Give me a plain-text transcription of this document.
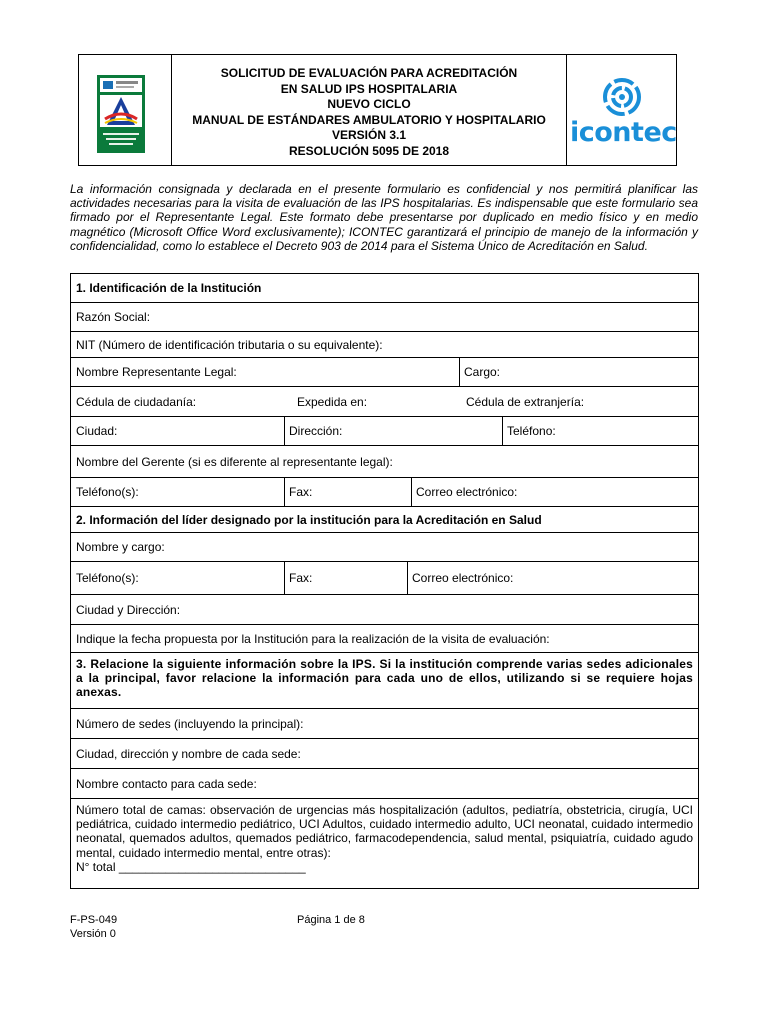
SOLICITUD DE EVALUACIÓN PARA ACREDITACIÓN
EN SALUD IPS HOSPITALARIA
NUEVO CICLO
MANUAL DE ESTÁNDARES AMBULATORIO Y HOSPITALARIO
VERSIÓN 3.1
RESOLUCIÓN 5095 DE 2018
icontec
La información consignada y declarada en el presente formulario es confidencial y nos permitirá planificar las actividades necesarias para la visita de evaluación de las IPS hospitalarias. Es indispensable que este formulario sea firmado por el Representante Legal. Este formato debe presentarse por duplicado en medio físico y en medio magnético (Microsoft Office Word exclusivamente); ICONTEC garantizará el principio de manejo de la información y confidencialidad, como lo establece el Decreto 903 de 2014 para el Sistema Único de Acreditación en Salud.
1. Identificación de la Institución
Razón Social:
NIT (Número de identificación tributaria o su equivalente):
Nombre Representante Legal:	Cargo:
Cédula de ciudadanía:	Expedida en:	Cédula de extranjería:
Ciudad:	Dirección:	Teléfono:
Nombre del Gerente (si es diferente al representante legal):
Teléfono(s):	Fax:	Correo electrónico:
2. Información del líder designado por la institución para la Acreditación en Salud
Nombre y cargo:
Teléfono(s):	Fax:	Correo electrónico:
Ciudad y Dirección:
Indique la fecha propuesta por la Institución para la realización de la visita de evaluación:
3. Relacione la siguiente información sobre la IPS. Si la institución comprende varias sedes adicionales a la principal, favor relacione la información para cada uno de ellos, utilizando si se requiere hojas anexas.
Número de sedes (incluyendo la principal):
Ciudad, dirección y nombre de cada sede:
Nombre contacto para cada sede:
Número total de camas: observación de urgencias más hospitalización (adultos, pediatría, obstetricia, cirugía, UCI pediátrica, cuidado intermedio pediátrico, UCI Adultos, cuidado intermedio adulto, UCI neonatal, cuidado intermedio neonatal, quemados adultos, quemados pediátrico, farmacodependencia, salud mental, psiquiatría, cuidado agudo mental, cuidado intermedio mental, entre otras):
N° total ____________________________
F-PS-049
Versión 0
Página 1 de 8
